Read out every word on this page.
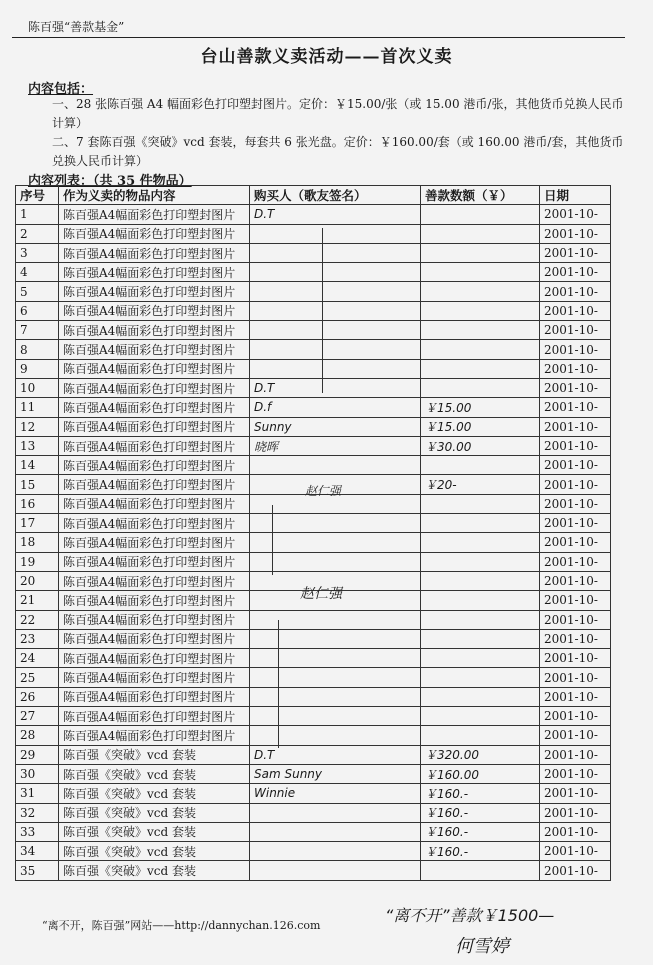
陈百强“善款基金”
台山善款义卖活动——首次义卖
内容包括：
一、28 张陈百强 A4 幅面彩色打印塑封图片。定价：￥15.00/张（或 15.00 港币/张，其他货币兑换人民币计算）
二、7 套陈百强《突破》vcd 套装，每套共 6 张光盘。定价：￥160.00/套（或 160.00 港币/套，其他货币兑换人民币计算）
内容列表：（共 35 件物品）
序号	作为义卖的物品内容	购买人（歌友签名）	善款数额（￥）	日期
1	陈百强A4幅面彩色打印塑封图片	D.T		2001-10-
2	陈百强A4幅面彩色打印塑封图片			2001-10-
3	陈百强A4幅面彩色打印塑封图片			2001-10-
4	陈百强A4幅面彩色打印塑封图片			2001-10-
5	陈百强A4幅面彩色打印塑封图片			2001-10-
6	陈百强A4幅面彩色打印塑封图片			2001-10-
7	陈百强A4幅面彩色打印塑封图片			2001-10-
8	陈百强A4幅面彩色打印塑封图片			2001-10-
9	陈百强A4幅面彩色打印塑封图片			2001-10-
10	陈百强A4幅面彩色打印塑封图片	D.T		2001-10-
11	陈百强A4幅面彩色打印塑封图片	D.f	￥15.00	2001-10-
12	陈百强A4幅面彩色打印塑封图片	Sunny	￥15.00	2001-10-
13	陈百强A4幅面彩色打印塑封图片	晓晖	￥30.00	2001-10-
14	陈百强A4幅面彩色打印塑封图片			2001-10-
15	陈百强A4幅面彩色打印塑封图片		￥20-	2001-10-
16	陈百强A4幅面彩色打印塑封图片			2001-10-
17	陈百强A4幅面彩色打印塑封图片			2001-10-
18	陈百强A4幅面彩色打印塑封图片			2001-10-
19	陈百强A4幅面彩色打印塑封图片			2001-10-
20	陈百强A4幅面彩色打印塑封图片			2001-10-
21	陈百强A4幅面彩色打印塑封图片			2001-10-
22	陈百强A4幅面彩色打印塑封图片			2001-10-
23	陈百强A4幅面彩色打印塑封图片			2001-10-
24	陈百强A4幅面彩色打印塑封图片			2001-10-
25	陈百强A4幅面彩色打印塑封图片			2001-10-
26	陈百强A4幅面彩色打印塑封图片			2001-10-
27	陈百强A4幅面彩色打印塑封图片			2001-10-
28	陈百强A4幅面彩色打印塑封图片			2001-10-
29	陈百强《突破》vcd 套装	D.T	￥320.00	2001-10-
30	陈百强《突破》vcd 套装	Sam Sunny	￥160.00	2001-10-
31	陈百强《突破》vcd 套装	Winnie	￥160.-	2001-10-
32	陈百强《突破》vcd 套装		￥160.-	2001-10-
33	陈百强《突破》vcd 套装		￥160.-	2001-10-
34	陈百强《突破》vcd 套装		￥160.-	2001-10-
35	陈百强《突破》vcd 套装			2001-10-
赵仁强
赵仁强
“离不开，陈百强”网站——http://dannychan.126.com
“离不开”善款￥1500—
何雪婷
